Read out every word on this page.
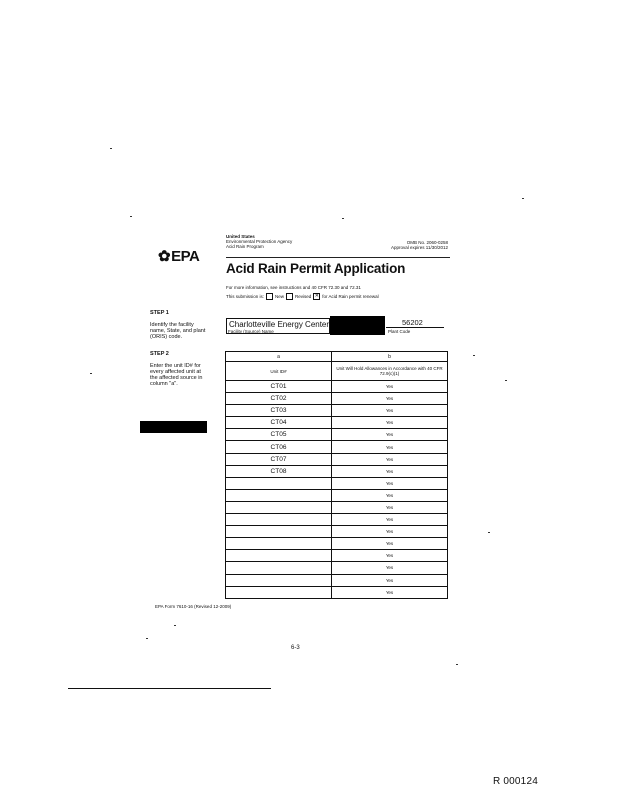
✿EPA
United States
Environmental Protection Agency
Acid Rain Program
OMB No. 2060-0258
Approval expires 11/30/2012
Acid Rain Permit Application
For more information, see instructions and 40 CFR 72.30 and 72.31
This submission is: New Revised ✕ for Acid Rain permit renewal
STEP 1
Identify the facility name, State, and plant (ORIS) code.
Charlotteville Energy Center
Facility (Source) Name
56202
Plant Code
STEP 2
Enter the unit ID# for every affected unit at the affected source in column "a".
a	b
Unit ID#	Unit Will Hold Allowances in Accordance with 40 CFR 72.9(c)(1)
CT01	Yes
CT02	Yes
CT03	Yes
CT04	Yes
CT05	Yes
CT06	Yes
CT07	Yes
CT08	Yes
	Yes
	Yes
	Yes
	Yes
	Yes
	Yes
	Yes
	Yes
	Yes
	Yes
EPA Form 7610-16 (Revised 12-2009)
6-3
R 000124
